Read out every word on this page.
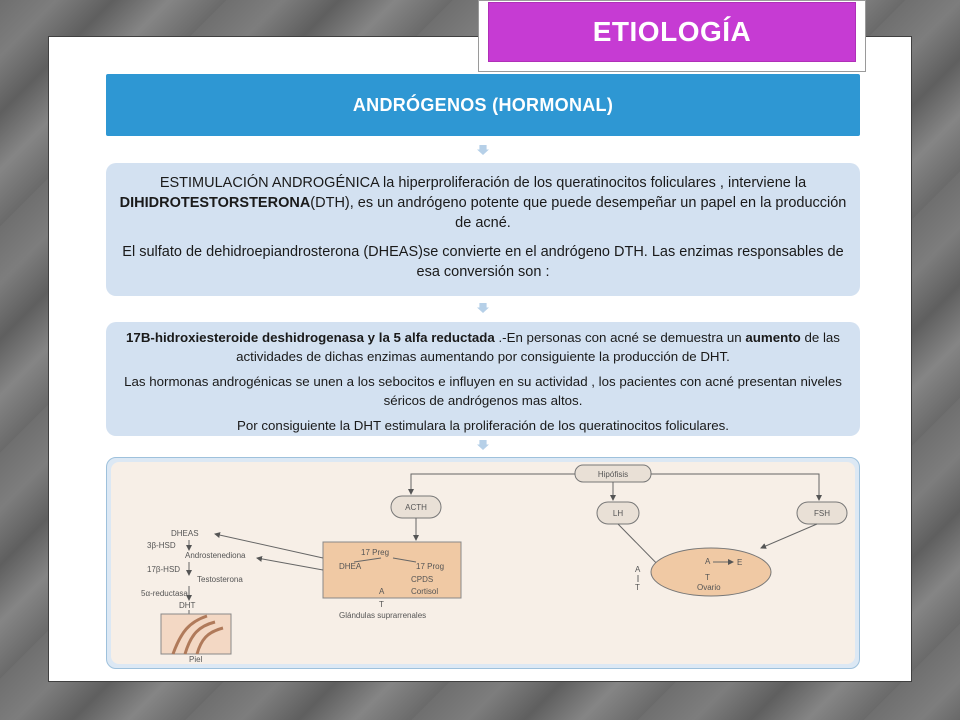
ETIOLOGÍA
ANDRÓGENOS (HORMONAL)

ESTIMULACIÓN ANDROGÉNICA la hiperproliferación de los queratinocitos foliculares , interviene la DIHIDROTESTORSTERONA(DTH), es un andrógeno potente que puede desempeñar un papel en la producción de acné.

El sulfato de dehidroepiandrosterona (DHEAS)se convierte en el andrógeno DTH. Las enzimas responsables de esa conversión son :

17B-hidroxiesteroide deshidrogenasa y la 5 alfa reductada .-En personas con acné se demuestra un aumento de las actividades de dichas enzimas aumentando por consiguiente la producción de DHT.

Las hormonas androgénicas se unen a los sebocitos e influyen en su actividad , los pacientes con acné presentan niveles séricos de andrógenos mas altos.

Por consiguiente la DHT estimulara la proliferación de los queratinocitos foliculares.

Hipófisis
ACTH
LH	FSH
17 Preg
DHEA	17 Prog
CPDS
A	Cortisol
T
Glándulas suprarrenales
DHEAS
3β-HSD
Androstenediona
17β-HSD
Testosterona
5α-reductasa
DHT
Piel
A
T
A	E
T
Ovario
